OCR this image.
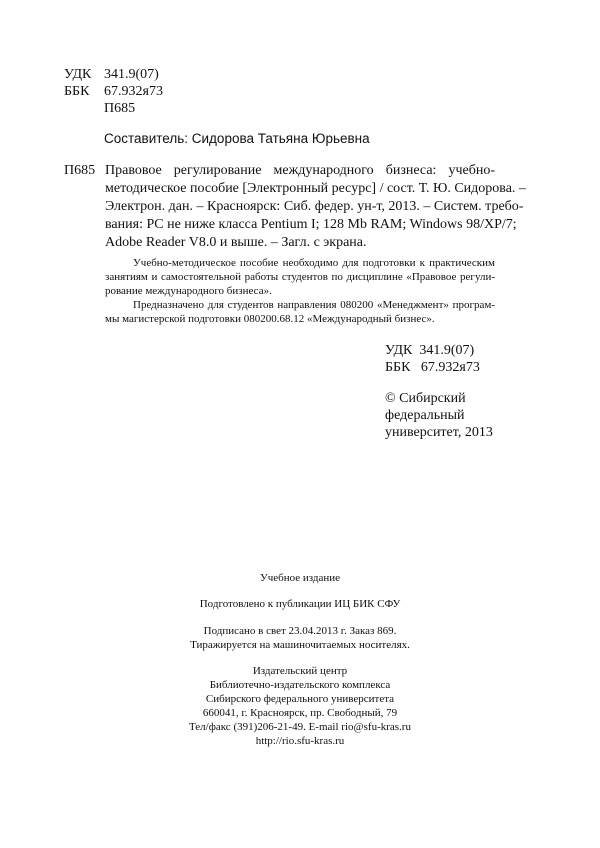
УДК 341.9(07)
ББК 67.932я73
П685
Составитель: Сидорова Татьяна Юрьевна
П685 Правовое регулирование международного бизнеса: учебно-
методическое пособие [Электронный ресурс] / сост. Т. Ю. Сидорова. –
Электрон. дан. – Красноярск: Сиб. федер. ун-т, 2013. – Систем. требо-
вания: PC не ниже класса Pentium I; 128 Mb RAM; Windows 98/XP/7;
Adobe Reader V8.0 и выше. – Загл. с экрана.
Учебно-методическое пособие необходимо для подготовки к практическим
занятиям и самостоятельной работы студентов по дисциплине «Правовое регули-
рование международного бизнеса».
Предназначено для студентов направления 080200 «Менеджмент» програм-
мы магистерской подготовки 080200.68.12 «Международный бизнес».
УДК  341.9(07)
ББК   67.932я73
© Сибирский
федеральный
университет, 2013
Учебное издание
Подготовлено к публикации ИЦ БИК СФУ
Подписано в свет 23.04.2013 г. Заказ 869.
Тиражируется на машиночитаемых носителях.
Издательский центр
Библиотечно-издательского комплекса
Сибирского федерального университета
660041, г. Красноярск, пр. Свободный, 79
Тел/факс (391)206-21-49. E-mail rio@sfu-kras.ru
http://rio.sfu-kras.ru
